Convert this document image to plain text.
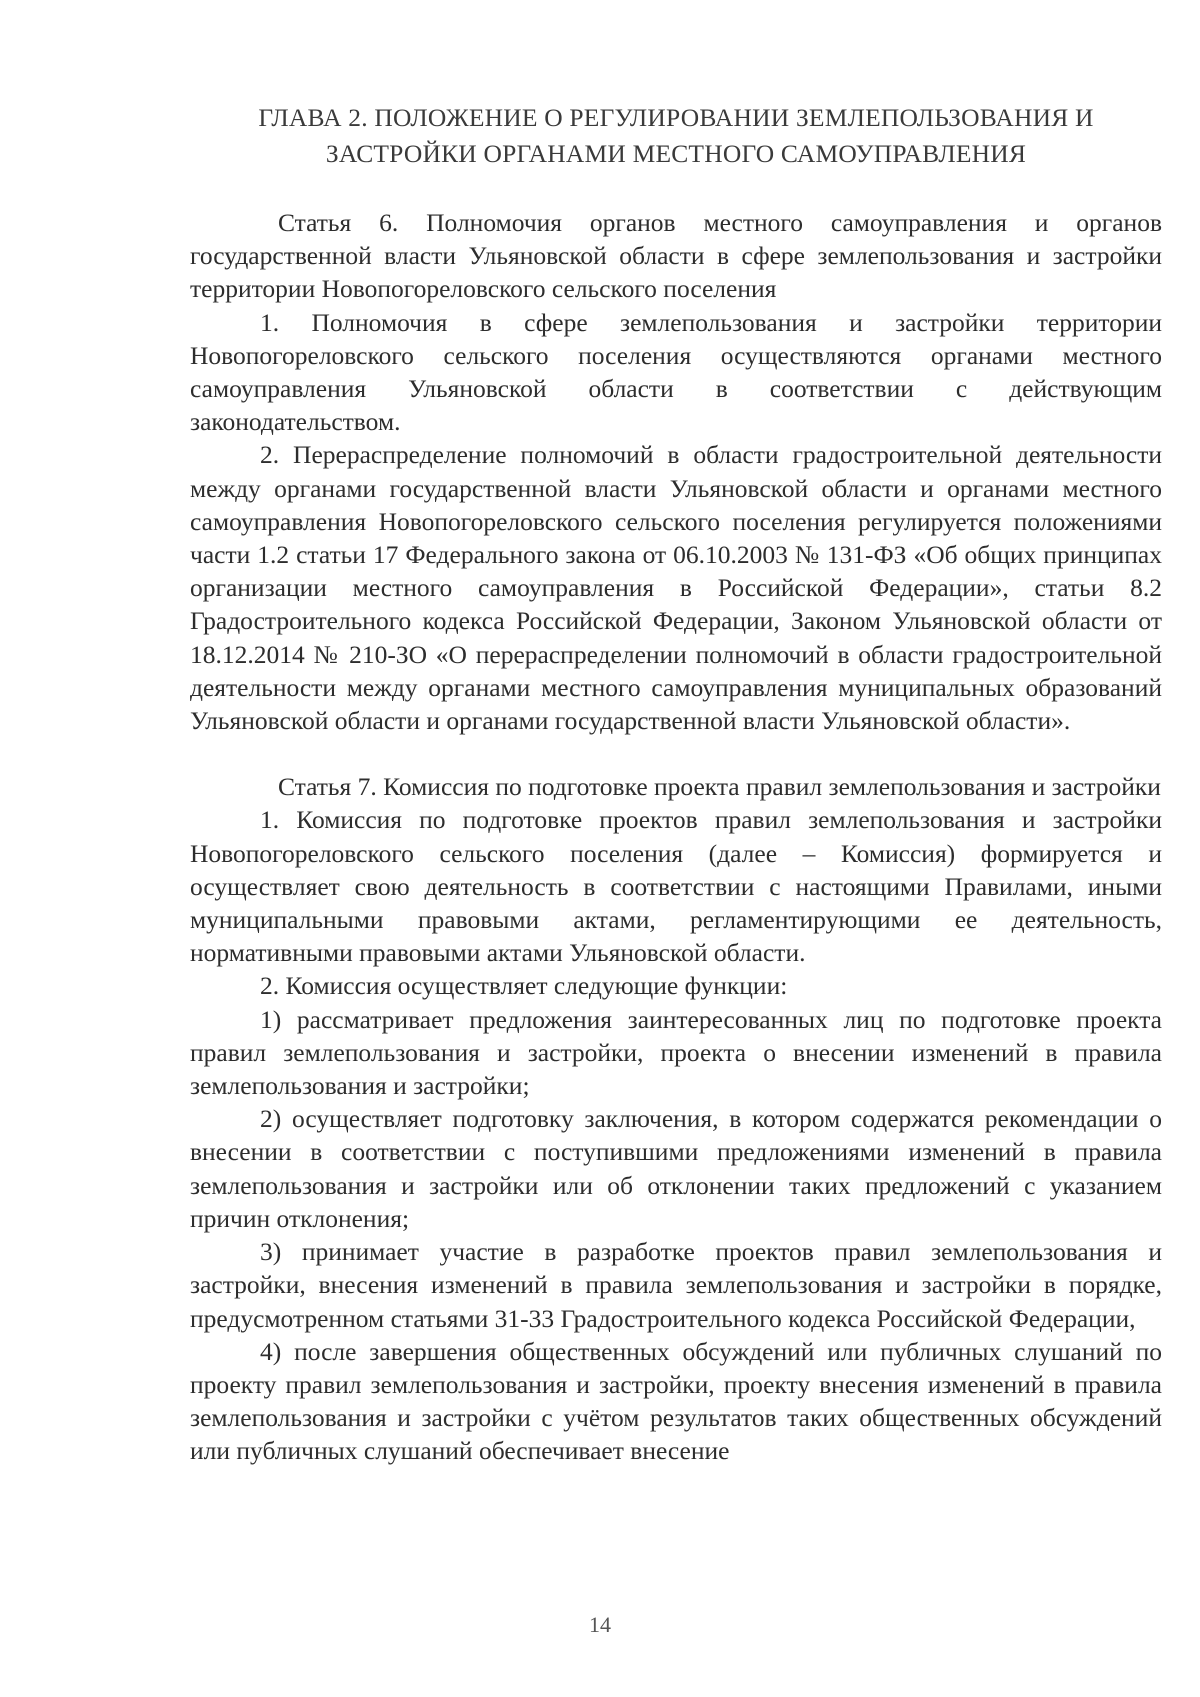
ГЛАВА 2. ПОЛОЖЕНИЕ О РЕГУЛИРОВАНИИ ЗЕМЛЕПОЛЬЗОВАНИЯ И ЗАСТРОЙКИ ОРГАНАМИ МЕСТНОГО САМОУПРАВЛЕНИЯ

Статья 6. Полномочия органов местного самоуправления и органов государственной власти Ульяновской области в сфере землепользования и застройки территории Новопогореловского сельского поселения

1. Полномочия в сфере землепользования и застройки территории Новопогореловского сельского поселения осуществляются органами местного самоуправления Ульяновской области в соответствии с действующим законодательством.

2. Перераспределение полномочий в области градостроительной деятельности между органами государственной власти Ульяновской области и органами местного самоуправления Новопогореловского сельского поселения регулируется положениями части 1.2 статьи 17 Федерального закона от 06.10.2003 № 131-ФЗ «Об общих принципах организации местного самоуправления в Российской Федерации», статьи 8.2 Градостроительного кодекса Российской Федерации, Законом Ульяновской области от 18.12.2014 № 210-ЗО «О перераспределении полномочий в области градостроительной деятельности между органами местного самоуправления муниципальных образований Ульяновской области и органами государственной власти Ульяновской области».

Статья 7. Комиссия по подготовке проекта правил землепользования и застройки

1. Комиссия по подготовке проектов правил землепользования и застройки Новопогореловского сельского поселения (далее – Комиссия) формируется и осуществляет свою деятельность в соответствии с настоящими Правилами, иными муниципальными правовыми актами, регламентирующими ее деятельность, нормативными правовыми актами Ульяновской области.

2. Комиссия осуществляет следующие функции:

1) рассматривает предложения заинтересованных лиц по подготовке проекта правил землепользования и застройки, проекта о внесении изменений в правила землепользования и застройки;

2) осуществляет подготовку заключения, в котором содержатся рекомендации о внесении в соответствии с поступившими предложениями изменений в правила землепользования и застройки или об отклонении таких предложений с указанием причин отклонения;

3) принимает участие в разработке проектов правил землепользования и застройки, внесения изменений в правила землепользования и застройки в порядке, предусмотренном статьями 31-33 Градостроительного кодекса Российской Федерации,

4) после завершения общественных обсуждений или публичных слушаний по проекту правил землепользования и застройки, проекту внесения изменений в правила землепользования и застройки с учётом результатов таких общественных обсуждений или публичных слушаний обеспечивает внесение

14
